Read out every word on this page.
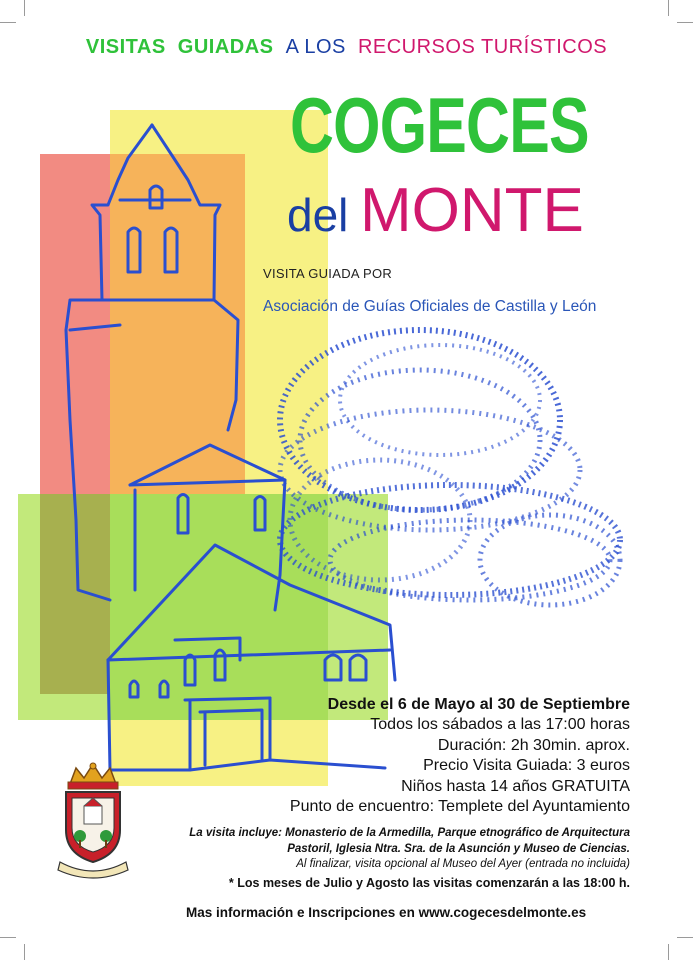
VISITAS GUIADAS A LOS RECURSOS TURÍSTICOS
COGECES
del MONTE
VISITA GUIADA POR
Asociación de Guías Oficiales de Castilla y León
Desde el 6 de Mayo al 30 de Septiembre
Todos los sábados a las 17:00 horas
Duración: 2h 30min. aprox.
Precio Visita Guiada: 3 euros
Niños hasta 14 años GRATUITA
Punto de encuentro: Templete del Ayuntamiento
La visita incluye: Monasterio de la Armedilla, Parque etnográfico de Arquitectura
Pastoril, Iglesia Ntra. Sra. de la Asunción y Museo de Ciencias.
Al finalizar, visita opcional al Museo del Ayer (entrada no incluida)
* Los meses de Julio y Agosto las visitas comenzarán a las 18:00 h.
Mas información e Inscripciones en www.cogecesdelmonte.es
